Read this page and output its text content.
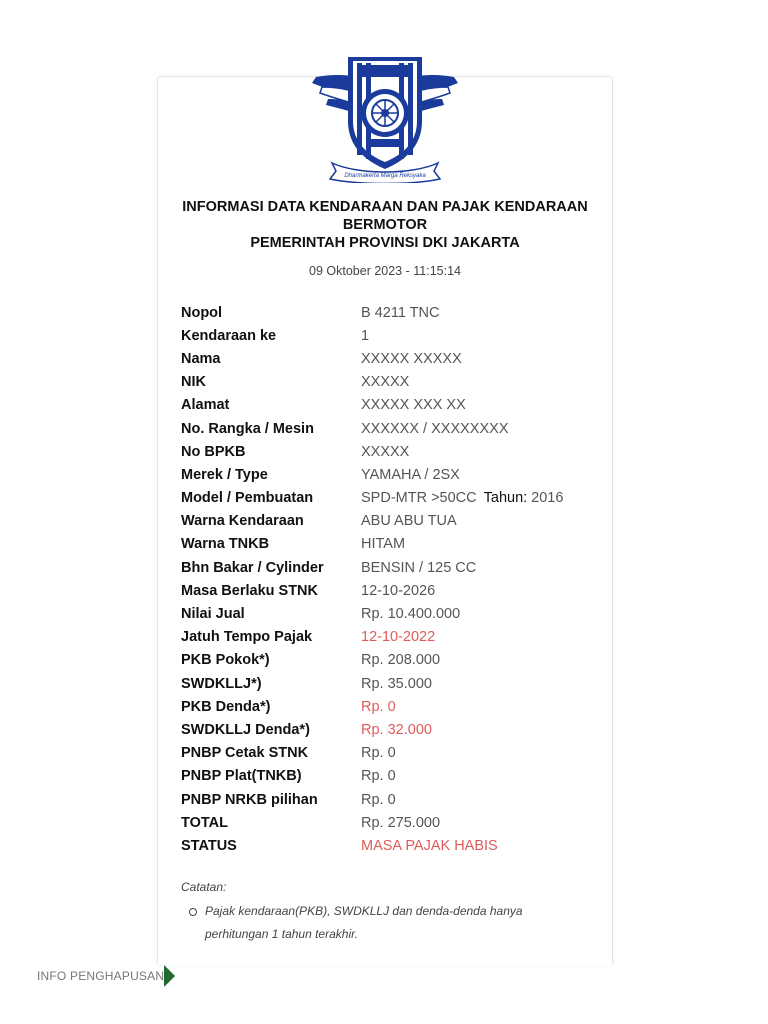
Dharmakerta Marga Reksyaka
INFORMASI DATA KENDARAAN DAN PAJAK KENDARAAN
BERMOTOR
PEMERINTAH PROVINSI DKI JAKARTA
09 Oktober 2023 - 11:15:14
Nopol	B 4211 TNC
Kendaraan ke	1
Nama	XXXXX XXXXX
NIK	XXXXX
Alamat	XXXXX XXX XX
No. Rangka / Mesin	XXXXXX / XXXXXXXX
No BPKB	XXXXX
Merek / Type	YAMAHA / 2SX
Model / Pembuatan	SPD-MTR >50CC Tahun: 2016
Warna Kendaraan	ABU ABU TUA
Warna TNKB	HITAM
Bhn Bakar / Cylinder	BENSIN / 125 CC
Masa Berlaku STNK	12-10-2026
Nilai Jual	Rp. 10.400.000
Jatuh Tempo Pajak	12-10-2022
PKB Pokok*)	Rp. 208.000
SWDKLLJ*)	Rp. 35.000
PKB Denda*)	Rp. 0
SWDKLLJ Denda*)	Rp. 32.000
PNBP Cetak STNK	Rp. 0
PNBP Plat(TNKB)	Rp. 0
PNBP NRKB pilihan	Rp. 0
TOTAL	Rp. 275.000
STATUS	MASA PAJAK HABIS
Catatan:
Pajak kendaraan(PKB), SWDKLLJ dan denda-denda hanya perhitungan 1 tahun terakhir.
INFO PENGHAPUSAN
